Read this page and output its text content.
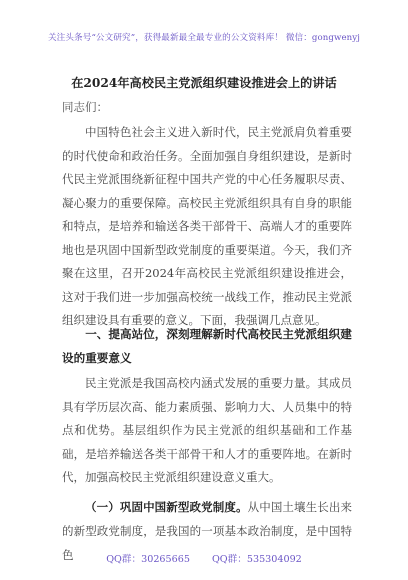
关注头条号“公文研究”，获得最新最全最专业的公文资料库！ 微信：gongwenyj
在2024年高校民主党派组织建设推进会上的讲话
同志们：

中国特色社会主义进入新时代，民主党派肩负着重要的时代使命和政治任务。全面加强自身组织建设，是新时代民主党派围绕新征程中国共产党的中心任务履职尽责、凝心聚力的重要保障。高校民主党派组织具有自身的职能和特点，是培养和输送各类干部骨干、高端人才的重要阵地也是巩固中国新型政党制度的重要渠道。今天，我们齐聚在这里，召开2024年高校民主党派组织建设推进会，这对于我们进一步加强高校统一战线工作，推动民主党派组织建设具有重要的意义。下面，我强调几点意见。

一、提高站位，深刻理解新时代高校民主党派组织建设的重要意义

民主党派是我国高校内涵式发展的重要力量。其成员具有学历层次高、能力素质强、影响力大、人员集中的特点和优势。基层组织作为民主党派的组织基础和工作基础，是培养输送各类干部骨干和人才的重要阵地。在新时代，加强高校民主党派组织建设意义重大。

（一）巩固中国新型政党制度。从中国土壤生长出来的新型政党制度，是我国的一项基本政治制度，是中国特色	QQ群：30265665 QQ群：535304092
